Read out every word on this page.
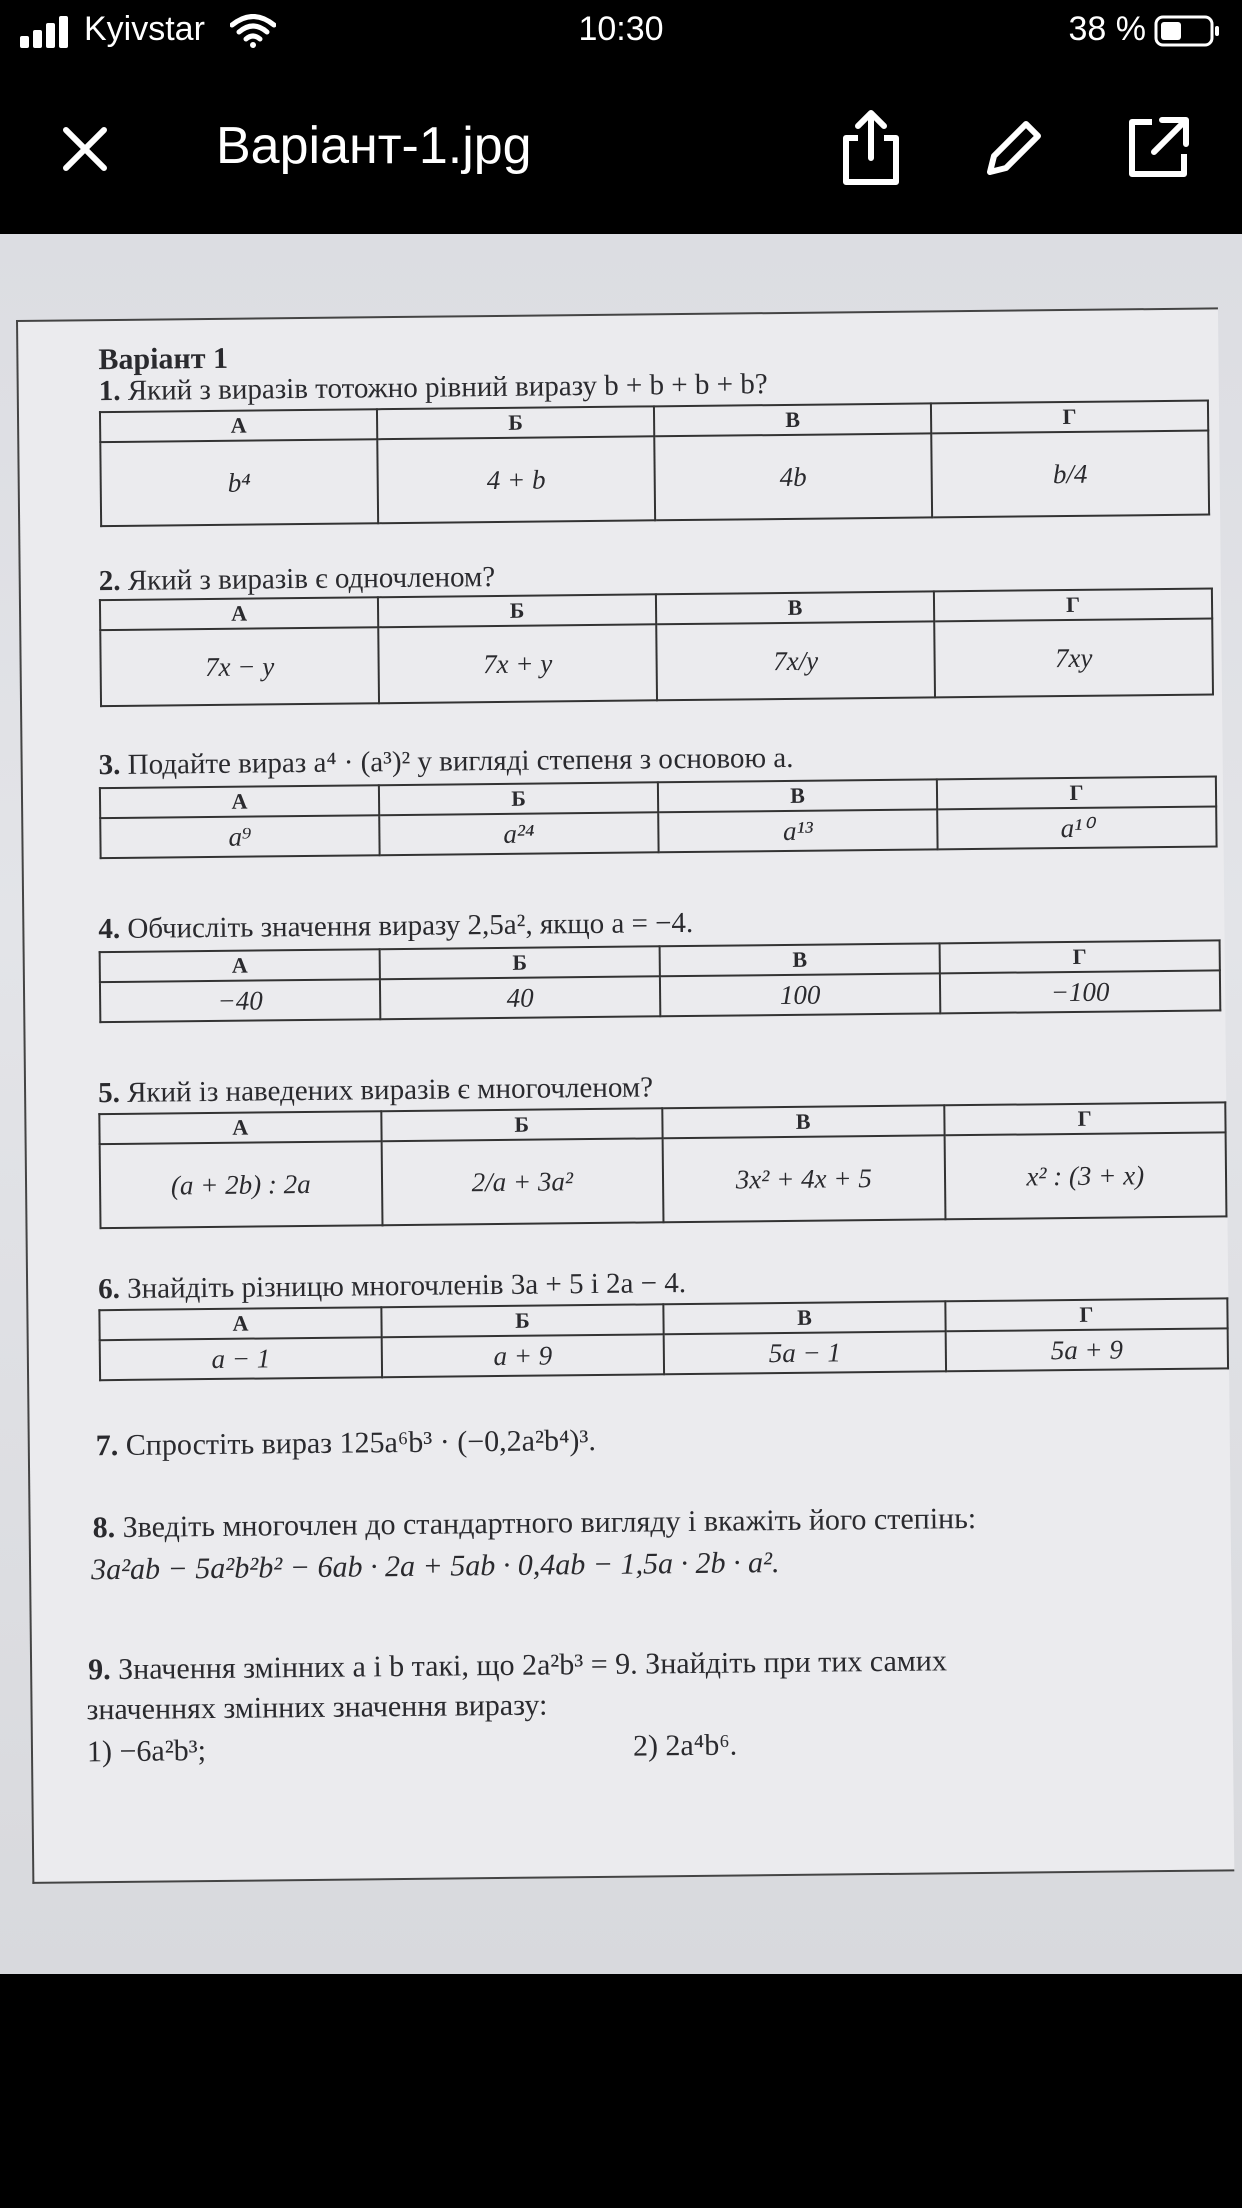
Kyivstar	10:30	38 %
Варіант-1.jpg
Варіант 1
1. Який з виразів тотожно рівний виразу b + b + b + b?
А	Б	В	Г
b⁴	4 + b	4b	b/4
2. Який з виразів є одночленом?
А	Б	В	Г
7x − y	7x + y	7x/y	7xy
3. Подайте вираз a⁴ · (a³)² у вигляді степеня з основою a.
А	Б	В	Г
a⁹	a²⁴	a¹³	a¹⁰
4. Обчисліть значення виразу 2,5a², якщо a = −4.
А	Б	В	Г
−40	40	100	−100
5. Який із наведених виразів є многочленом?
А	Б	В	Г
(a + 2b) : 2a	2/a + 3a²	3x² + 4x + 5	x² : (3 + x)
6. Знайдіть різницю многочленів 3a + 5 і 2a − 4.
А	Б	В	Г
a − 1	a + 9	5a − 1	5a + 9
7. Спростіть вираз 125a⁶b³ · (−0,2a²b⁴)³.
8. Зведіть многочлен до стандартного вигляду і вкажіть його степінь:
3a²ab − 5a²b²b² − 6ab · 2a + 5ab · 0,4ab − 1,5a · 2b · a².
9. Значення змінних a і b такі, що 2a²b³ = 9. Знайдіть при тих самих
значеннях змінних значення виразу:
1) −6a²b³;	2) 2a⁴b⁶.
